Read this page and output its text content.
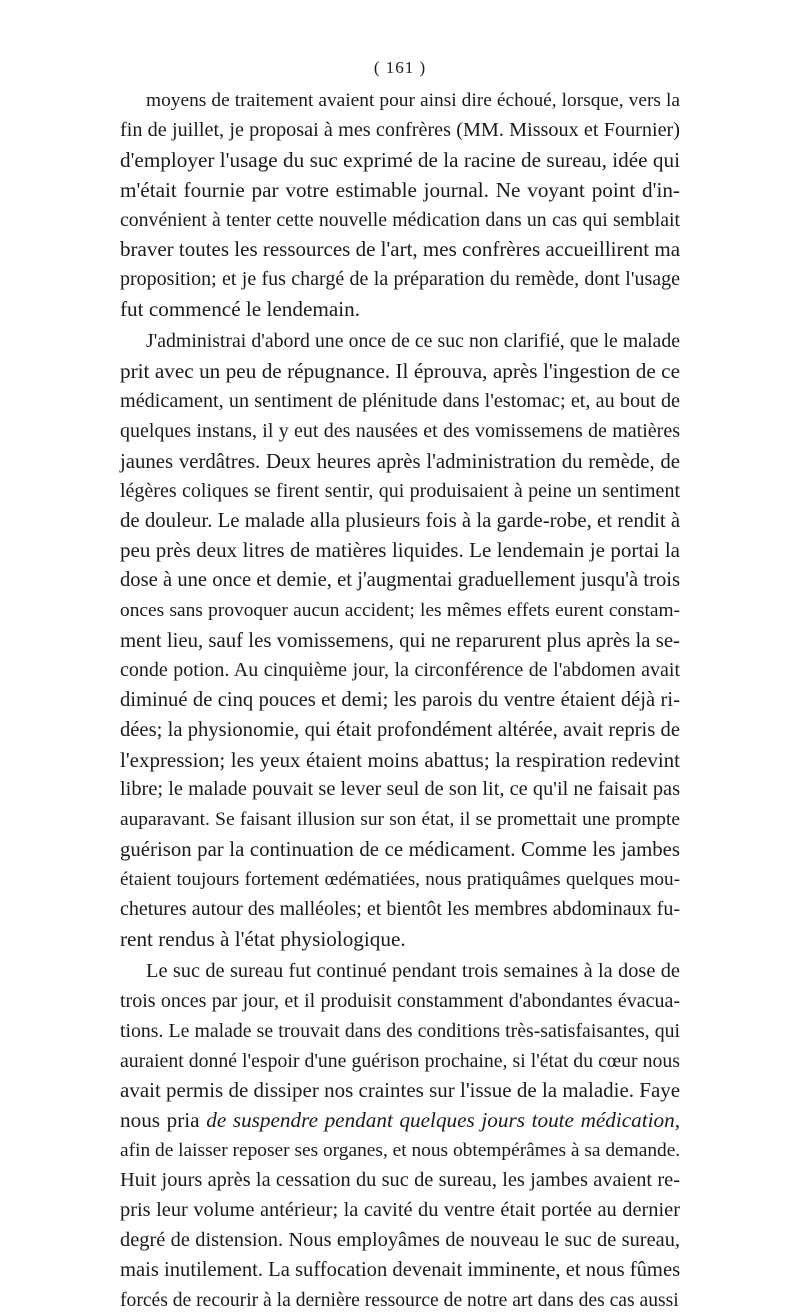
( 161 )
moyens de traitement avaient pour ainsi dire échoué, lorsque, vers la
fin de juillet, je proposai à mes confrères (MM. Missoux et Fournier)
d'employer l'usage du suc exprimé de la racine de sureau, idée qui
m'était fournie par votre estimable journal. Ne voyant point d'in-
convénient à tenter cette nouvelle médication dans un cas qui semblait
braver toutes les ressources de l'art, mes confrères accueillirent ma
proposition; et je fus chargé de la préparation du remède, dont l'usage
fut commencé le lendemain.
J'administrai d'abord une once de ce suc non clarifié, que le malade
prit avec un peu de répugnance. Il éprouva, après l'ingestion de ce
médicament, un sentiment de plénitude dans l'estomac; et, au bout de
quelques instans, il y eut des nausées et des vomissemens de matières
jaunes verdâtres. Deux heures après l'administration du remède, de
légères coliques se firent sentir, qui produisaient à peine un sentiment
de douleur. Le malade alla plusieurs fois à la garde-robe, et rendit à
peu près deux litres de matières liquides. Le lendemain je portai la
dose à une once et demie, et j'augmentai graduellement jusqu'à trois
onces sans provoquer aucun accident; les mêmes effets eurent constam-
ment lieu, sauf les vomissemens, qui ne reparurent plus après la se-
conde potion. Au cinquième jour, la circonférence de l'abdomen avait
diminué de cinq pouces et demi; les parois du ventre étaient déjà ri-
dées; la physionomie, qui était profondément altérée, avait repris de
l'expression; les yeux étaient moins abattus; la respiration redevint
libre; le malade pouvait se lever seul de son lit, ce qu'il ne faisait pas
auparavant. Se faisant illusion sur son état, il se promettait une prompte
guérison par la continuation de ce médicament. Comme les jambes
étaient toujours fortement œdématiées, nous pratiquâmes quelques mou-
chetures autour des malléoles; et bientôt les membres abdominaux fu-
rent rendus à l'état physiologique.
Le suc de sureau fut continué pendant trois semaines à la dose de
trois onces par jour, et il produisit constamment d'abondantes évacua-
tions. Le malade se trouvait dans des conditions très-satisfaisantes, qui
auraient donné l'espoir d'une guérison prochaine, si l'état du cœur nous
avait permis de dissiper nos craintes sur l'issue de la maladie. Faye
nous pria de suspendre pendant quelques jours toute médication,
afin de laisser reposer ses organes, et nous obtempérâmes à sa demande.
Huit jours après la cessation du suc de sureau, les jambes avaient re-
pris leur volume antérieur; la cavité du ventre était portée au dernier
degré de distension. Nous employâmes de nouveau le suc de sureau,
mais inutilement. La suffocation devenait imminente, et nous fûmes
forcés de recourir à la dernière ressource de notre art dans des cas aussi
